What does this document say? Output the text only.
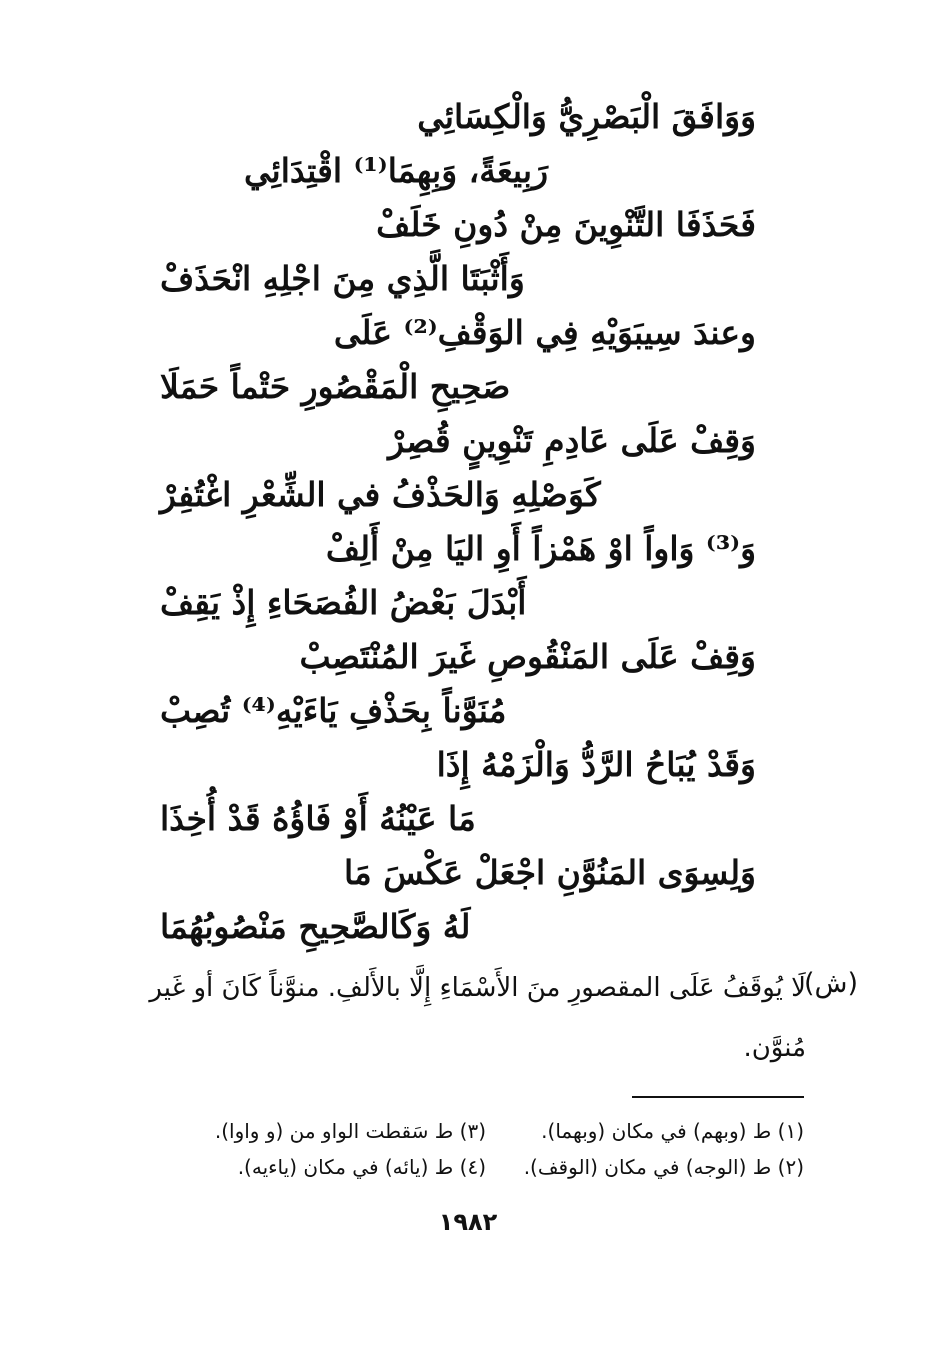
وَوَافَقَ الْبَصْرِيُّ وَالْكِسَائِي
رَبِيعَةً، وَبِهِمَا⁽¹⁾ اقْتِدَائِي
فَحَذَفَا التَّنْوِينَ مِنْ دُونِ خَلَفْ
وَأَثْبَتَا الَّذِي مِنَ اجْلِهِ انْحَذَفْ
وعندَ سِيبَوَيْهِ فِي الوَقْفِ⁽²⁾ عَلَى
صَحِيحِ الْمَقْصُورِ حَتْماً حَمَلَا
وَقِفْ عَلَى عَادِمِ تَنْوِينٍ قُصِرْ
كَوَصْلِهِ وَالحَذْفُ في الشِّعْرِ اغْتُفِرْ
وَ⁽³⁾ وَاواً اوْ هَمْزاً أَوِ اليَا مِنْ أَلِفْ
أَبْدَلَ بَعْضُ الفُصَحَاءِ إِذْ يَقِفْ
وَقِفْ عَلَى المَنْقُوصِ غَيرَ المُنْتَصِبْ
مُنَوَّناً بِحَذْفِ يَاءَيْهِ⁽⁴⁾ تُصِبْ
وَقَدْ يُبَاحُ الرَّدُّ وَالْزَمْهُ إِذَا
مَا عَيْنُهُ أَوْ فَاؤُهُ قَدْ أُخِذَا
وَلِسِوَى المَنُوَّنِ اجْعَلْ عَكْسَ مَا
لَهُ وَكَالصَّحِيحِ مَنْصُوبُهُمَا
(ش)
لَا يُوقَفُ عَلَى المقصورِ منَ الأَسْمَاءِ إِلَّا بالأَلفِ. منوَّناً كَانَ أو غَير مُنوَّن.
(١) ط (وبهم) في مكان (وبهما).
(٣) ط سَقطت الواو من (و واوا).
(٢) ط (الوجه) في مكان (الوقف).
(٤) ط (يائه) في مكان (ياءيه).
١٩٨٢
